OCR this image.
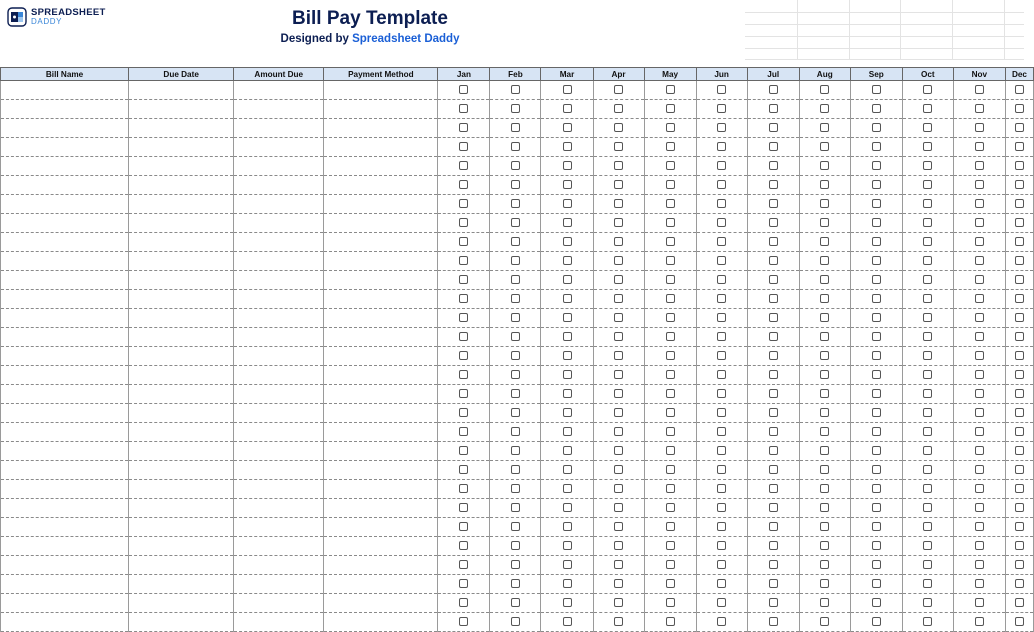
SPREADSHEET
DADDY	Bill Pay Template
Designed by Spreadsheet Daddy
Bill Name	Due Date	Amount Due	Payment Method	Jan	Feb	Mar	Apr	May	Jun	Jul	Aug	Sep	Oct	Nov	Dec
